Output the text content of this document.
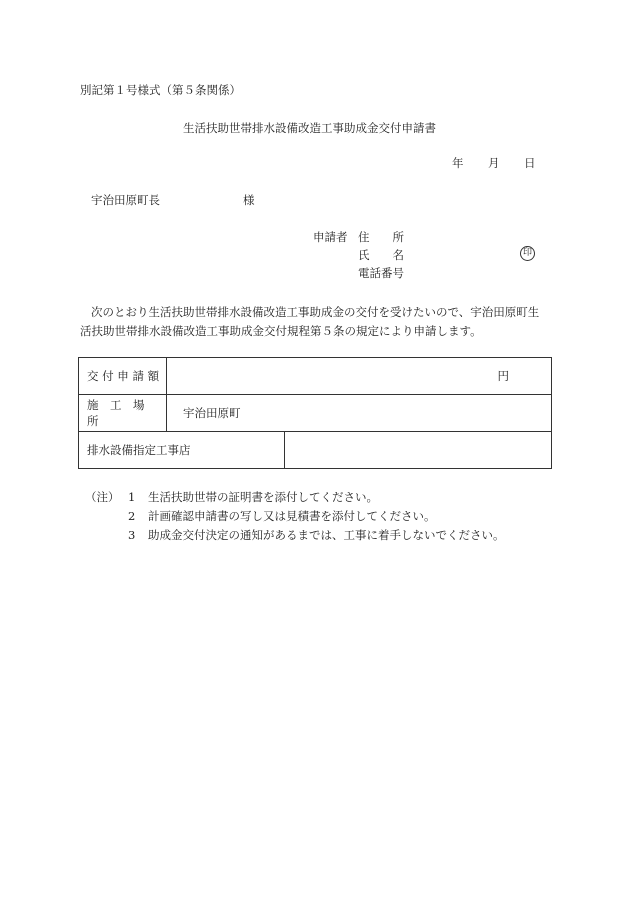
別記第１号様式（第５条関係）
生活扶助世帯排水設備改造工事助成金交付申請書
年 月 日
宇治田原町長	様
申請者 住　　所
氏　　名	印
電話番号
次のとおり生活扶助世帯排水設備改造工事助成金の交付を受けたいので、宇治田原町生
活扶助世帯排水設備改造工事助成金交付規程第５条の規定により申請します。
交 付 申 請 額	円	
施　工　場　所	宇治田原町	
排水設備指定工事店		
（注） 1	生活扶助世帯の証明書を添付してください。
2	計画確認申請書の写し又は見積書を添付してください。
3	助成金交付決定の通知があるまでは、工事に着手しないでください。
